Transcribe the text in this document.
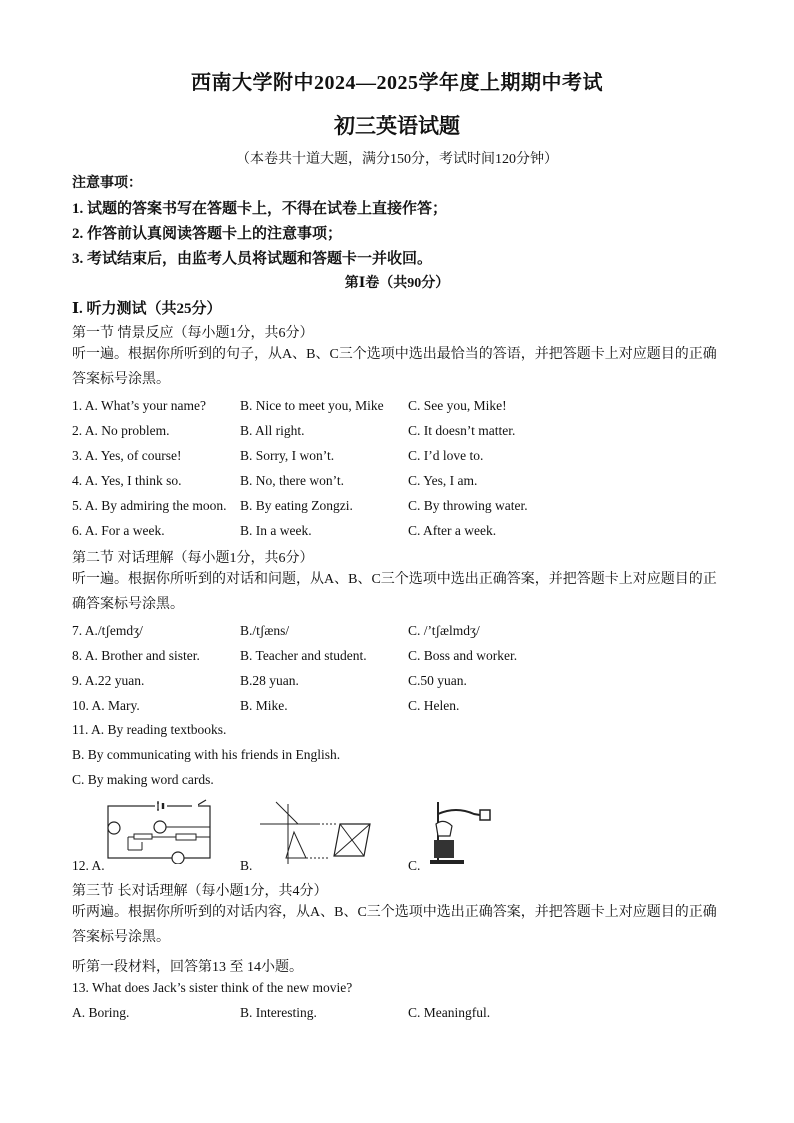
西南大学附中2024—2025学年度上期期中考试
初三英语试题
（本卷共十道大题，满分150分，考试时间120分钟）
注意事项：
1. 试题的答案书写在答题卡上，不得在试卷上直接作答；
2. 作答前认真阅读答题卡上的注意事项；
3. 考试结束后，由监考人员将试题和答题卡一并收回。
第Ⅰ卷（共90分）
Ⅰ. 听力测试（共25分）
第一节 情景反应（每小题1分，共6分）
听一遍。根据你所听到的句子，从A、B、C三个选项中选出最恰当的答语，并把答题卡上对应题目的正确答案标号涂黑。
1. A. What’s your name?	B. Nice to meet you, Mike C. See you, Mike!
2. A. No problem.	B. All right.	C. It doesn’t matter.
3. A. Yes, of course!	B. Sorry, I won’t.	C. I’d love to.
4. A. Yes, I think so.	B. No, there won’t.	C. Yes, I am.
5. A. By admiring the moon. B. By eating Zongzi.	C. By throwing water.
6. A. For a week.	B. In a week.	C. After a week.
第二节 对话理解（每小题1分，共6分）
听一遍。根据你所听到的对话和问题，从A、B、C三个选项中选出正确答案，并把答题卡上对应题目的正确答案标号涂黑。
7. A./tʃemdʒ/	B./tʃæns/	C. /’tʃælmdʒ/
8. A. Brother and sister.	B. Teacher and student.	C. Boss and worker.
9. A.22 yuan.	B.28 yuan.	C.50 yuan.
10. A. Mary.	B. Mike.	C. Helen.
11. A. By reading textbooks.
B. By communicating with his friends in English.
C. By making word cards.
12. A.	B.	C.
第三节 长对话理解（每小题1分，共4分）
听两遍。根据你所听到的对话内容，从A、B、C三个选项中选出正确答案，并把答题卡上对应题目的正确答案标号涂黑。
听第一段材料，回答第13 至 14小题。
13. What does Jack’s sister think of the new movie?
A. Boring.	B. Interesting.	C. Meaningful.
